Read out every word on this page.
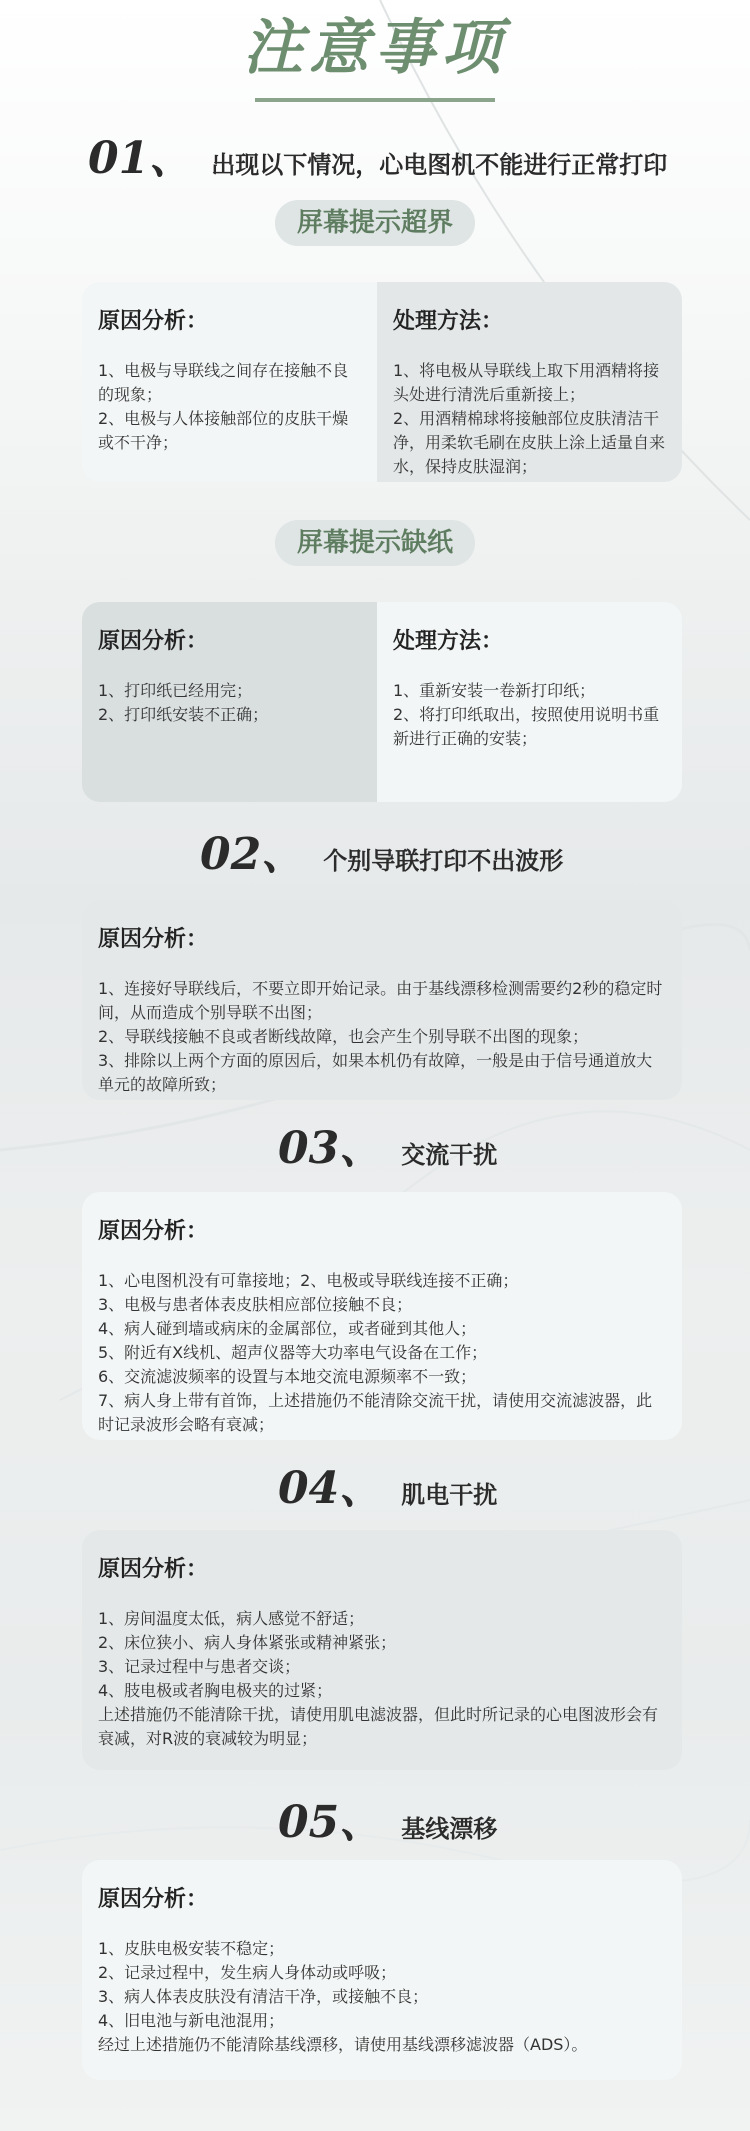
注意事项
01、 出现以下情况，心电图机不能进行正常打印
屏幕提示超界
原因分析：
1、电极与导联线之间存在接触不良的现象；
2、电极与人体接触部位的皮肤干燥或不干净；
处理方法：
1、将电极从导联线上取下用酒精将接头处进行清洗后重新接上；
2、用酒精棉球将接触部位皮肤清洁干净，用柔软毛刷在皮肤上涂上适量自来水，保持皮肤湿润；
屏幕提示缺纸
原因分析：
1、打印纸已经用完；
2、打印纸安装不正确；
处理方法：
1、重新安装一卷新打印纸；
2、将打印纸取出，按照使用说明书重新进行正确的安装；
02、 个别导联打印不出波形
原因分析：
1、连接好导联线后，不要立即开始记录。由于基线漂移检测需要约2秒的稳定时间，从而造成个别导联不出图；
2、导联线接触不良或者断线故障，也会产生个别导联不出图的现象；
3、排除以上两个方面的原因后，如果本机仍有故障，一般是由于信号通道放大单元的故障所致；
03、 交流干扰
原因分析：
1、心电图机没有可靠接地；2、电极或导联线连接不正确；
3、电极与患者体表皮肤相应部位接触不良；
4、病人碰到墙或病床的金属部位，或者碰到其他人；
5、附近有X线机、超声仪器等大功率电气设备在工作；
6、交流滤波频率的设置与本地交流电源频率不一致；
7、病人身上带有首饰，上述措施仍不能清除交流干扰，请使用交流滤波器，此时记录波形会略有衰减；
04、 肌电干扰
原因分析：
1、房间温度太低，病人感觉不舒适；
2、床位狭小、病人身体紧张或精神紧张；
3、记录过程中与患者交谈；
4、肢电极或者胸电极夹的过紧；
上述措施仍不能清除干扰，请使用肌电滤波器，但此时所记录的心电图波形会有衰减，对R波的衰减较为明显；
05、 基线漂移
原因分析：
1、皮肤电极安装不稳定；
2、记录过程中，发生病人身体动或呼吸；
3、病人体表皮肤没有清洁干净，或接触不良；
4、旧电池与新电池混用；
经过上述措施仍不能清除基线漂移，请使用基线漂移滤波器（ADS）。
